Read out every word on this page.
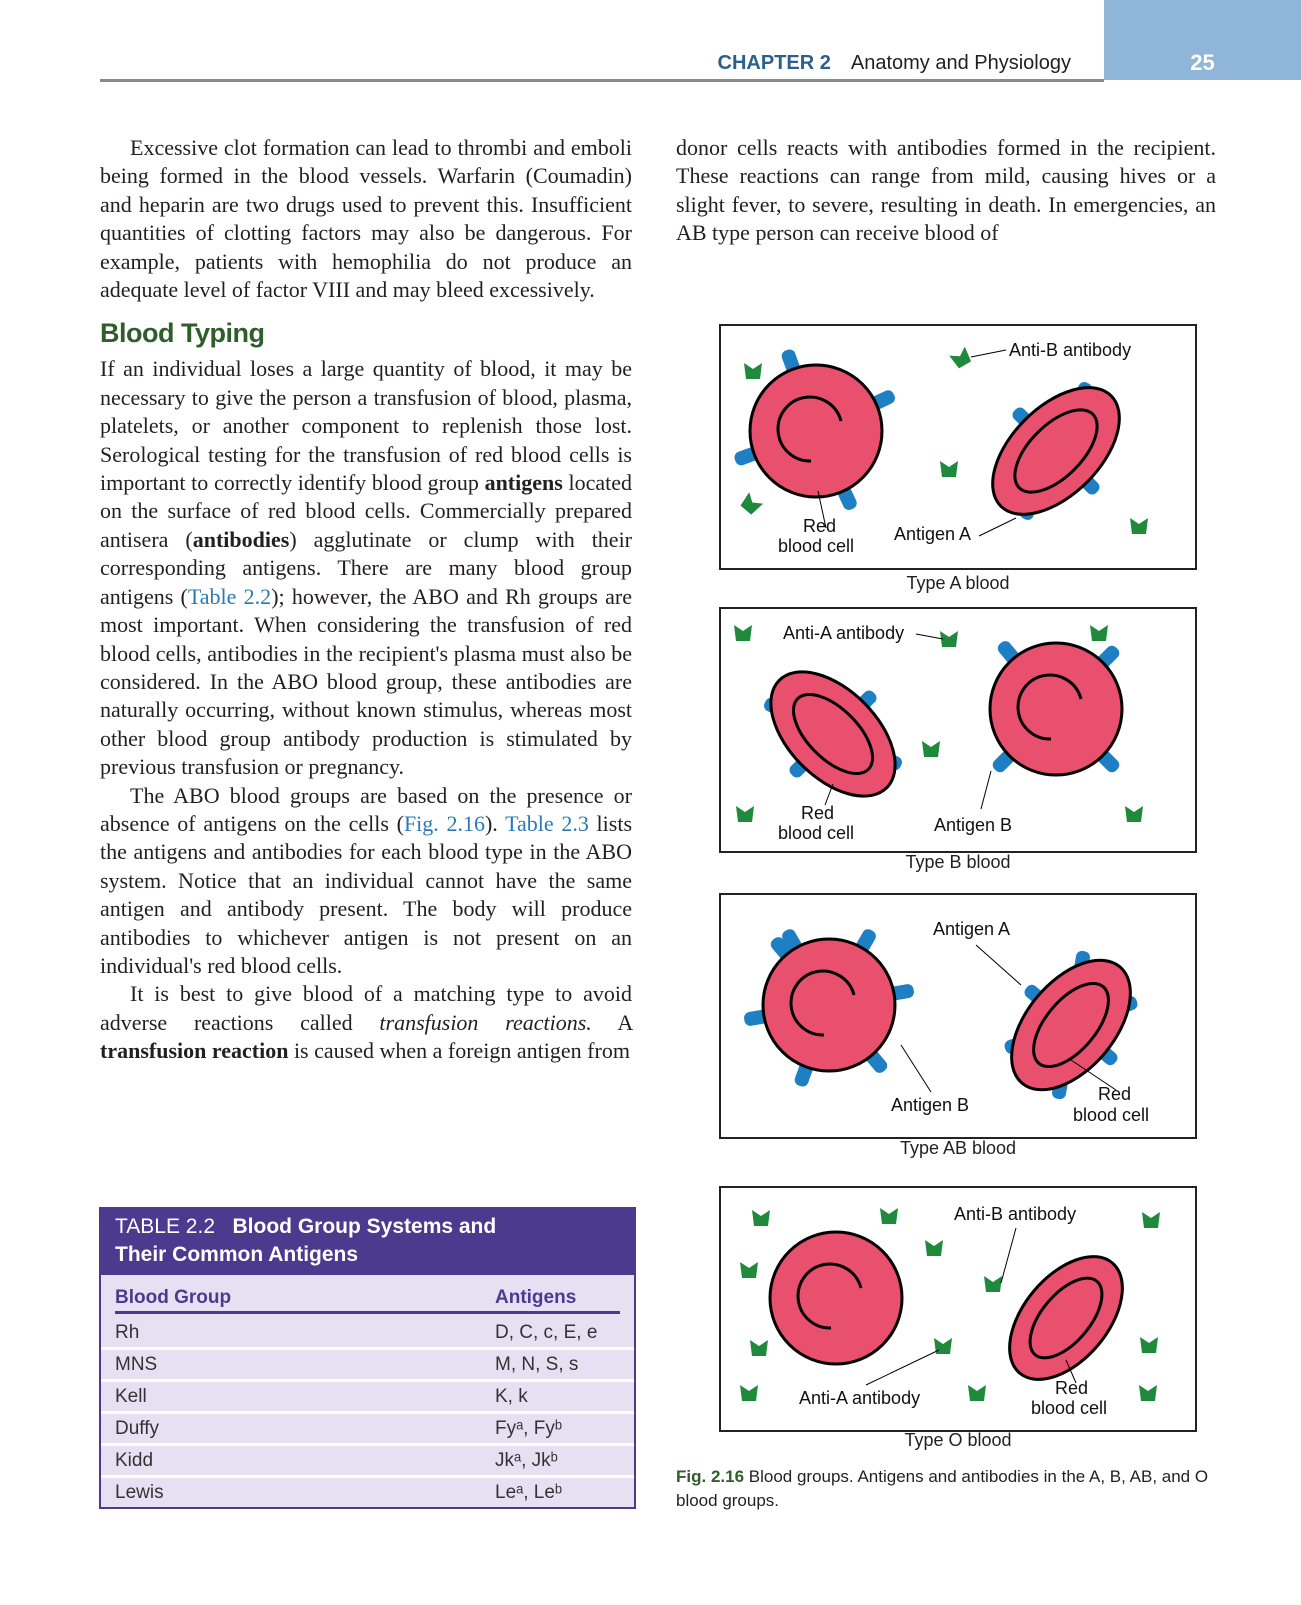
25
CHAPTER 2 Anatomy and Physiology

Excessive clot formation can lead to thrombi and emboli being formed in the blood vessels. Warfarin (Coumadin) and heparin are two drugs used to prevent this. Insufficient quantities of clotting factors may also be dangerous. For example, patients with hemophilia do not produce an adequate level of factor VIII and may bleed excessively.

Blood Typing

If an individual loses a large quantity of blood, it may be necessary to give the person a transfusion of blood, plasma, platelets, or another component to replenish those lost. Serological testing for the transfusion of red blood cells is important to correctly identify blood group antigens located on the surface of red blood cells. Commercially prepared antisera (antibodies) agglutinate or clump with their corresponding antigens. There are many blood group antigens (Table 2.2); however, the ABO and Rh groups are most important. When considering the transfusion of red blood cells, antibodies in the recipient's plasma must also be considered. In the ABO blood group, these antibodies are naturally occurring, without known stimulus, whereas most other blood group antibody production is stimulated by previous transfusion or pregnancy.

The ABO blood groups are based on the presence or absence of antigens on the cells (Fig. 2.16). Table 2.3 lists the antigens and antibodies for each blood type in the ABO system. Notice that an individual cannot have the same antigen and antibody present. The body will produce antibodies to whichever antigen is not present on an individual's red blood cells.

It is best to give blood of a matching type to avoid adverse reactions called transfusion reactions. A transfusion reaction is caused when a foreign antigen from

donor cells reacts with antibodies formed in the recipient. These reactions can range from mild, causing hives or a slight fever, to severe, resulting in death. In emergencies, an AB type person can receive blood of

TABLE 2.2 Blood Group Systems and
Their Common Antigens
Blood Group	Antigens
Rh	D, C, c, E, e
MNS	M, N, S, s
Kell	K, k
Duffy	Fyᵃ, Fyᵇ
Kidd	Jkᵃ, Jkᵇ
Lewis	Leᵃ, Leᵇ
Anti-B antibody
Red
blood cell
Antigen A
Type A blood
Anti-A antibody
Red
blood cell	Antigen B
Type B blood
Antigen A
Antigen B
Red
blood cell
Type AB blood
Anti-B antibody
Anti-A antibody	Red
blood cell
Type O blood
Fig. 2.16 Blood groups. Antigens and antibodies in the A, B, AB, and O blood groups.
